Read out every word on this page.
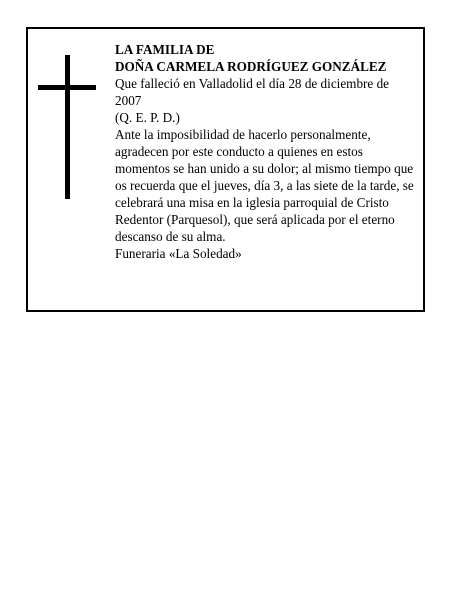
LA FAMILIA DE

DOÑA CARMELA RODRÍGUEZ GONZÁLEZ

Que falleció en Valladolid el día 28 de diciembre de 2007

(Q. E. P. D.)

Ante la imposibilidad de hacerlo personalmente, agradecen por este conducto a quienes en estos momentos se han unido a su dolor; al mismo tiempo que os recuerda que el jueves, día 3, a las siete de la tarde, se celebrará una misa en la iglesia parroquial de Cristo Redentor (Parquesol), que será aplicada por el eterno descanso de su alma.

Funeraria «La Soledad»
